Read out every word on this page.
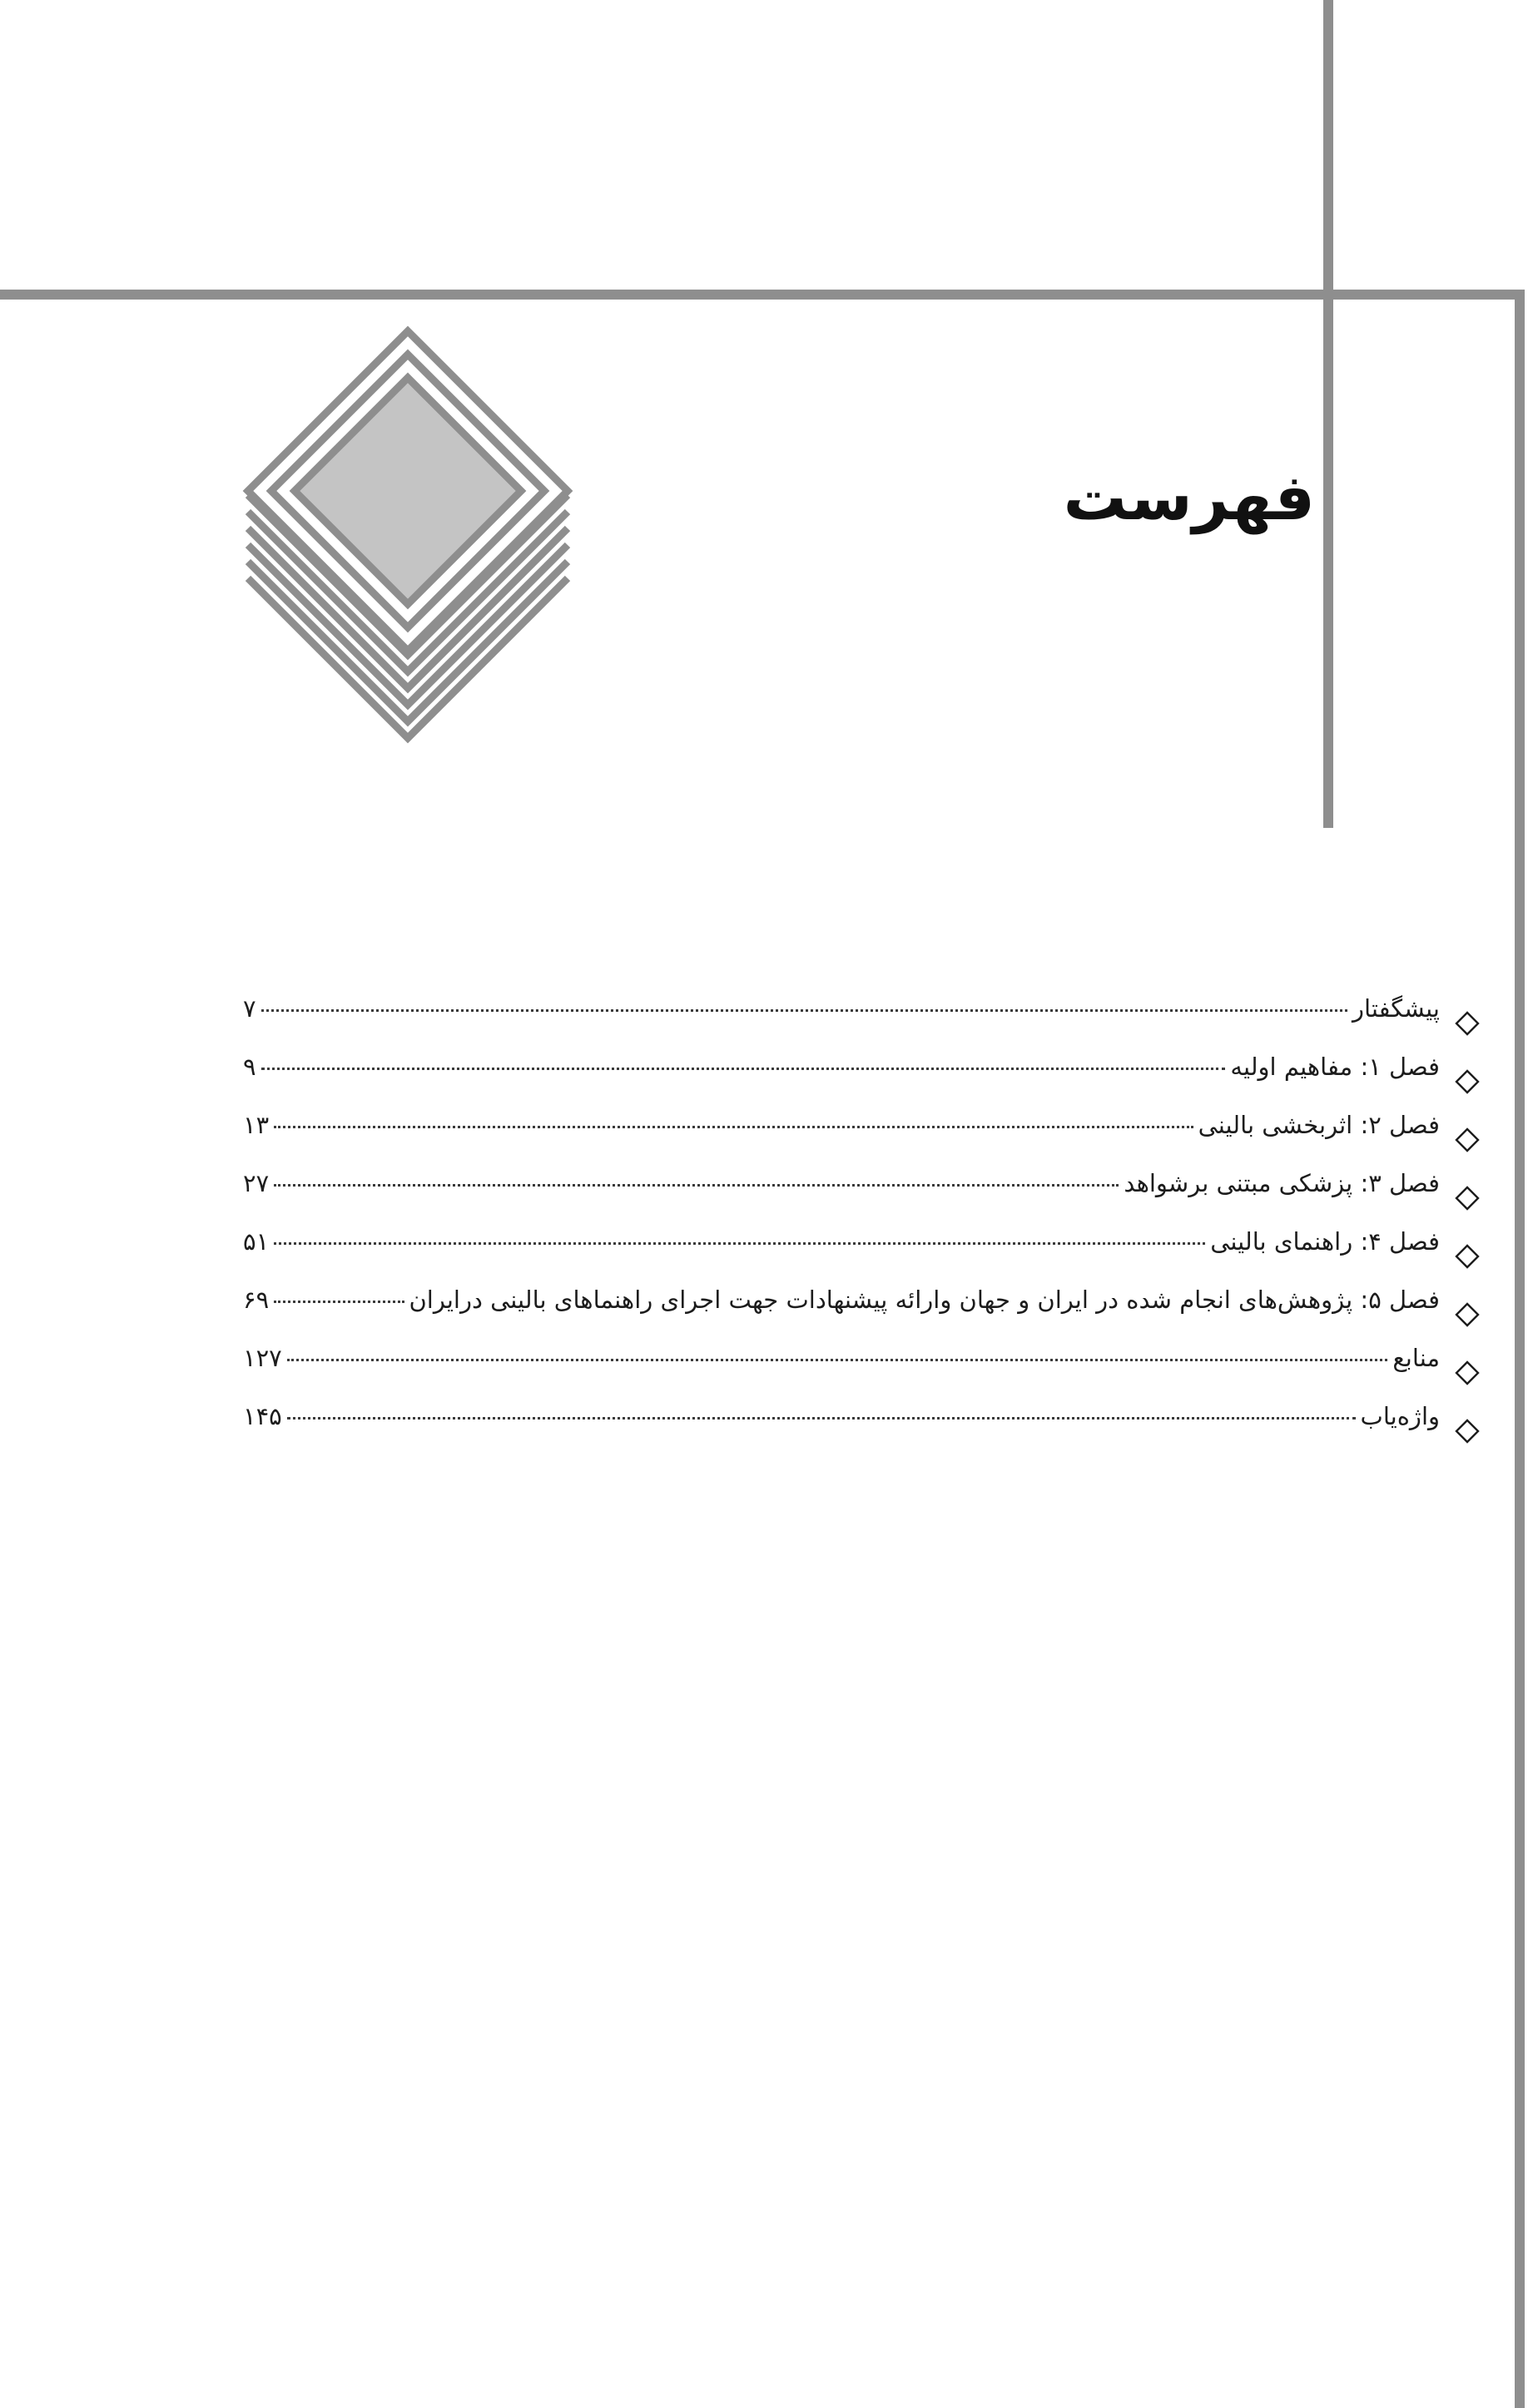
فهرست
پیشگفتار
۷
فصل ۱: مفاهیم اولیه
۹
فصل ۲: اثربخشی بالینی
۱۳
فصل ۳: پزشکی مبتنی برشواهد
۲۷
فصل ۴: راهنمای بالینی
۵۱
فصل ۵: پژوهش‌های انجام شده در ایران و جهان وارائه پیشنهادات جهت اجرای راهنماهای بالینی درایران
۶۹
منابع
۱۲۷
واژه‌یاب
۱۴۵
